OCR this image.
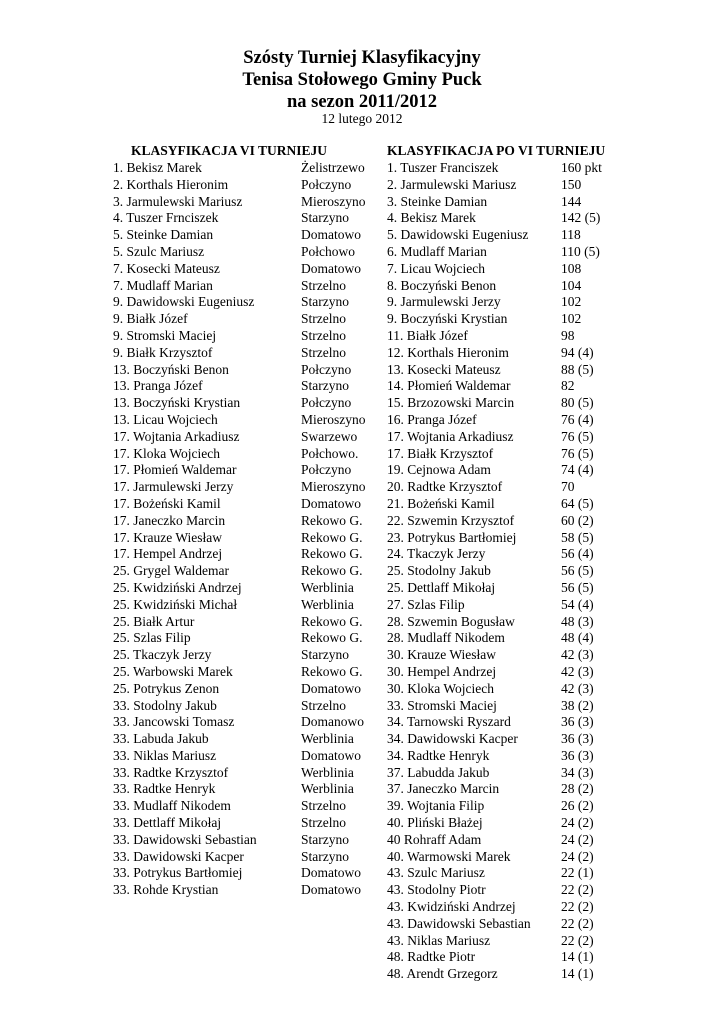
Szósty Turniej Klasyfikacyjny
Tenisa Stołowego Gminy Puck
na sezon 2011/2012
12 lutego 2012
KLASYFIKACJA VI TURNIEJU	KLASYFIKACJA PO VI TURNIEJU
1. Bekisz Marek	Żelistrzewo
2. Korthals Hieronim	Połczyno
3. Jarmulewski Mariusz	Mieroszyno
4. Tuszer Frnciszek	Starzyno
5. Steinke Damian	Domatowo
5. Szulc Mariusz	Połchowo
7. Kosecki Mateusz	Domatowo
7. Mudlaff Marian	Strzelno
9. Dawidowski Eugeniusz	Starzyno
9. Białk Józef	Strzelno
9. Stromski Maciej	Strzelno
9. Białk Krzysztof	Strzelno
13. Boczyński Benon	Połczyno
13. Pranga Józef	Starzyno
13. Boczyński Krystian	Połczyno
13. Licau Wojciech	Mieroszyno
17. Wojtania Arkadiusz	Swarzewo
17. Kloka Wojciech	Połchowo.
17. Płomień Waldemar	Połczyno
17. Jarmulewski Jerzy	Mieroszyno
17. Bożeński Kamil	Domatowo
17. Janeczko Marcin	Rekowo G.
17. Krauze Wiesław	Rekowo G.
17. Hempel Andrzej	Rekowo G.
25. Grygel Waldemar	Rekowo G.
25. Kwidziński Andrzej	Werblinia
25. Kwidziński Michał	Werblinia
25. Białk Artur	Rekowo G.
25. Szlas Filip	Rekowo G.
25. Tkaczyk Jerzy	Starzyno
25. Warbowski Marek	Rekowo G.
25. Potrykus Zenon	Domatowo
33. Stodolny Jakub	Strzelno
33. Jancowski Tomasz	Domanowo
33. Labuda Jakub	Werblinia
33. Niklas Mariusz	Domatowo
33. Radtke Krzysztof	Werblinia
33. Radtke Henryk	Werblinia
33. Mudlaff Nikodem	Strzelno
33. Dettlaff Mikołaj	Strzelno
33. Dawidowski Sebastian	Starzyno
33. Dawidowski Kacper	Starzyno
33. Potrykus Bartłomiej	Domatowo
33. Rohde Krystian	Domatowo
1. Tuszer Franciszek	160 pkt
2. Jarmulewski Mariusz	150
3. Steinke Damian	144
4. Bekisz Marek	142 (5)
5. Dawidowski Eugeniusz 118
6. Mudlaff Marian	110 (5)
7. Licau Wojciech	108
8. Boczyński Benon	104
9. Jarmulewski Jerzy	102
9. Boczyński Krystian	102
11. Białk Józef	98
12. Korthals Hieronim	94 (4)
13. Kosecki Mateusz	88 (5)
14. Płomień Waldemar	82
15. Brzozowski Marcin	80 (5)
16. Pranga Józef	76 (4)
17. Wojtania Arkadiusz	76 (5)
17. Białk Krzysztof	76 (5)
19. Cejnowa Adam	74 (4)
20. Radtke Krzysztof	70
21. Bożeński Kamil	64 (5)
22. Szwemin Krzysztof	60 (2)
23. Potrykus Bartłomiej	58 (5)
24. Tkaczyk Jerzy	56 (4)
25. Stodolny Jakub	56 (5)
25. Dettlaff Mikołaj	56 (5)
27. Szlas Filip	54 (4)
28. Szwemin Bogusław	48 (3)
28. Mudlaff Nikodem	48 (4)
30. Krauze Wiesław	42 (3)
30. Hempel Andrzej	42 (3)
30. Kloka Wojciech	42 (3)
33. Stromski Maciej	38 (2)
34. Tarnowski Ryszard	36 (3)
34. Dawidowski Kacper	36 (3)
34. Radtke Henryk	36 (3)
37. Labudda Jakub	34 (3)
37. Janeczko Marcin	28 (2)
39. Wojtania Filip	26 (2)
40. Pliński Błażej	24 (2)
40 Rohraff Adam	24 (2)
40. Warmowski Marek	24 (2)
43. Szulc Mariusz	22 (1)
43. Stodolny Piotr	22 (2)
43. Kwidziński Andrzej	22 (2)
43. Dawidowski Sebastian 22 (2)
43. Niklas Mariusz	22 (2)
48. Radtke Piotr	14 (1)
48. Arendt Grzegorz	14 (1)
